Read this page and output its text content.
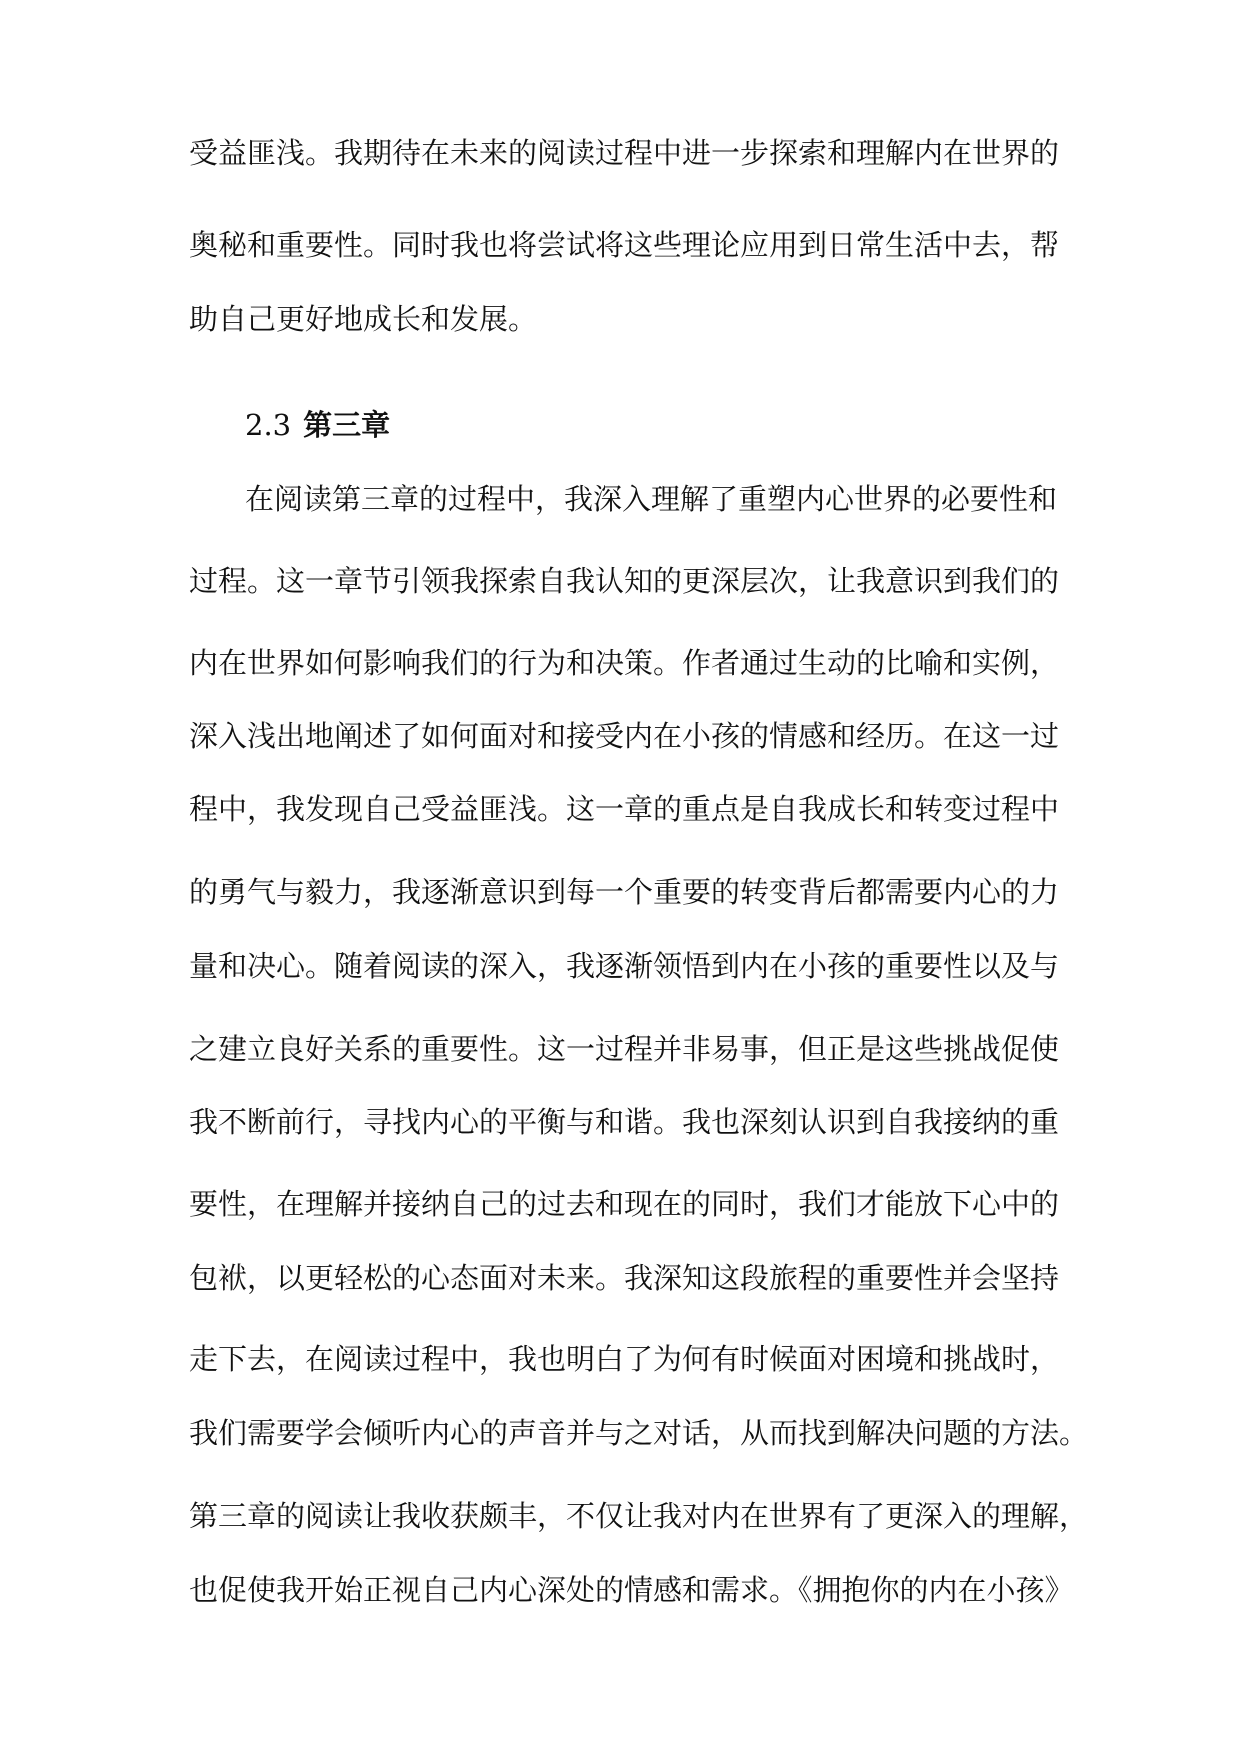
受益匪浅。我期待在未来的阅读过程中进一步探索和理解内在世界的
奥秘和重要性。同时我也将尝试将这些理论应用到日常生活中去，帮
助自己更好地成长和发展。
2.3 第三章
在阅读第三章的过程中，我深入理解了重塑内心世界的必要性和
过程。这一章节引领我探索自我认知的更深层次，让我意识到我们的
内在世界如何影响我们的行为和决策。作者通过生动的比喻和实例，
深入浅出地阐述了如何面对和接受内在小孩的情感和经历。在这一过
程中，我发现自己受益匪浅。这一章的重点是自我成长和转变过程中
的勇气与毅力，我逐渐意识到每一个重要的转变背后都需要内心的力
量和决心。随着阅读的深入，我逐渐领悟到内在小孩的重要性以及与
之建立良好关系的重要性。这一过程并非易事，但正是这些挑战促使
我不断前行，寻找内心的平衡与和谐。我也深刻认识到自我接纳的重
要性，在理解并接纳自己的过去和现在的同时，我们才能放下心中的
包袱，以更轻松的心态面对未来。我深知这段旅程的重要性并会坚持
走下去，在阅读过程中，我也明白了为何有时候面对困境和挑战时，
我们需要学会倾听内心的声音并与之对话，从而找到解决问题的方法。
第三章的阅读让我收获颇丰，不仅让我对内在世界有了更深入的理解，
也促使我开始正视自己内心深处的情感和需求。《拥抱你的内在小孩》
